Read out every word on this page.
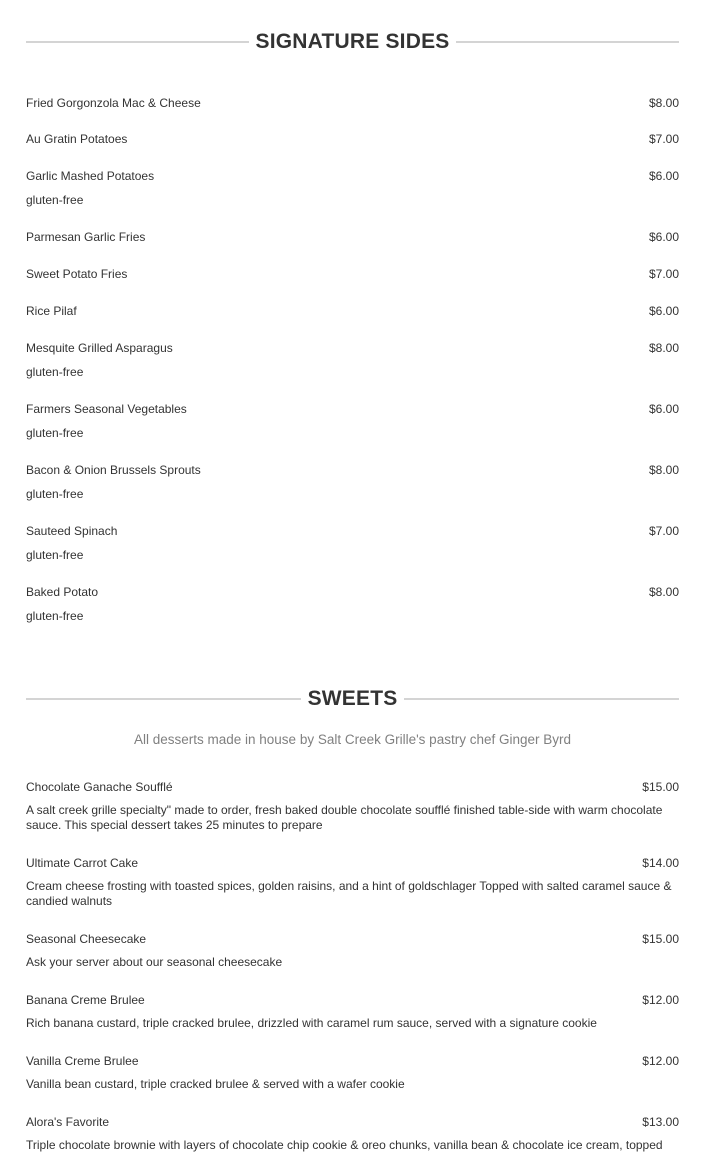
SIGNATURE SIDES
Fried Gorgonzola Mac & Cheese	$8.00
Au Gratin Potatoes	$7.00
Garlic Mashed Potatoes	$6.00
gluten-free
Parmesan Garlic Fries	$6.00
Sweet Potato Fries	$7.00
Rice Pilaf	$6.00
Mesquite Grilled Asparagus	$8.00
gluten-free
Farmers Seasonal Vegetables	$6.00
gluten-free
Bacon & Onion Brussels Sprouts	$8.00
gluten-free
Sauteed Spinach	$7.00
gluten-free
Baked Potato	$8.00
gluten-free
SWEETS
All desserts made in house by Salt Creek Grille's pastry chef Ginger Byrd
Chocolate Ganache Soufflé	$15.00
A salt creek grille specialty" made to order, fresh baked double chocolate soufflé finished table-side with warm chocolate sauce. This special dessert takes 25 minutes to prepare
Ultimate Carrot Cake	$14.00
Cream cheese frosting with toasted spices, golden raisins, and a hint of goldschlager Topped with salted caramel sauce & candied walnuts
Seasonal Cheesecake	$15.00
Ask your server about our seasonal cheesecake
Banana Creme Brulee	$12.00
Rich banana custard, triple cracked brulee, drizzled with caramel rum sauce, served with a signature cookie
Vanilla Creme Brulee	$12.00
Vanilla bean custard, triple cracked brulee & served with a wafer cookie
Alora's Favorite	$13.00
Triple chocolate brownie with layers of chocolate chip cookie & oreo chunks, vanilla bean & chocolate ice cream, topped
